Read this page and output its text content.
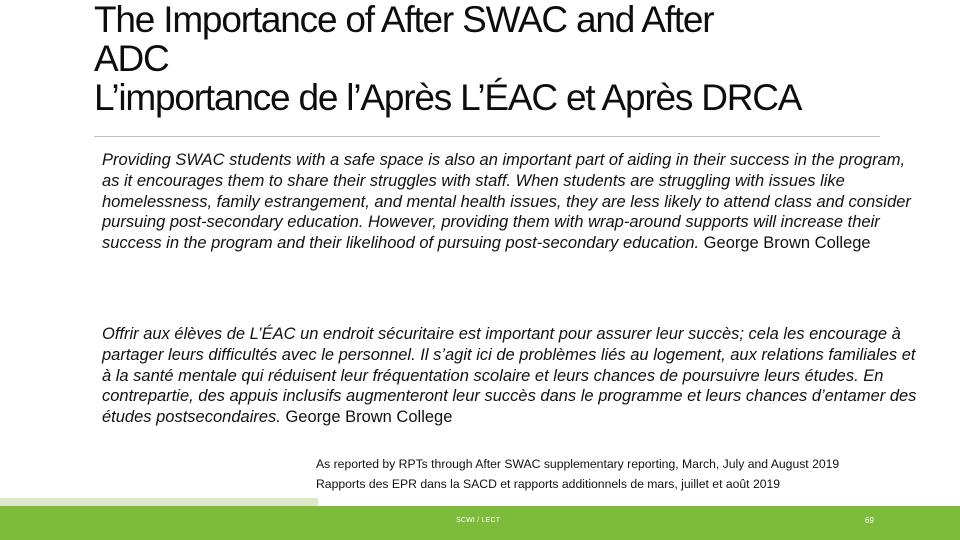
The Importance of After SWAC and After
ADC
L’importance de l’Après L’ÉAC et Après DRCA
Providing SWAC students with a safe space is also an important part of aiding in their success in the program, as it encourages them to share their struggles with staff. When students are struggling with issues like homelessness, family estrangement, and mental health issues, they are less likely to attend class and consider pursuing post-secondary education. However, providing them with wrap-around supports will increase their success in the program and their likelihood of pursuing post-secondary education. George Brown College
Offrir aux élèves de L’ÉAC un endroit sécuritaire est important pour assurer leur succès; cela les encourage à partager leurs difficultés avec le personnel. Il s’agit ici de problèmes liés au logement, aux relations familiales et à la santé mentale qui réduisent leur fréquentation scolaire et leurs chances de poursuivre leurs études. En contrepartie, des appuis inclusifs augmenteront leur succès dans le programme et leurs chances d’entamer des études postsecondaires. George Brown College
As reported by RPTs through After SWAC supplementary reporting, March, July and August 2019
Rapports des EPR dans la SACD et rapports additionnels de mars, juillet et août 2019
SCWI / LECT	69
